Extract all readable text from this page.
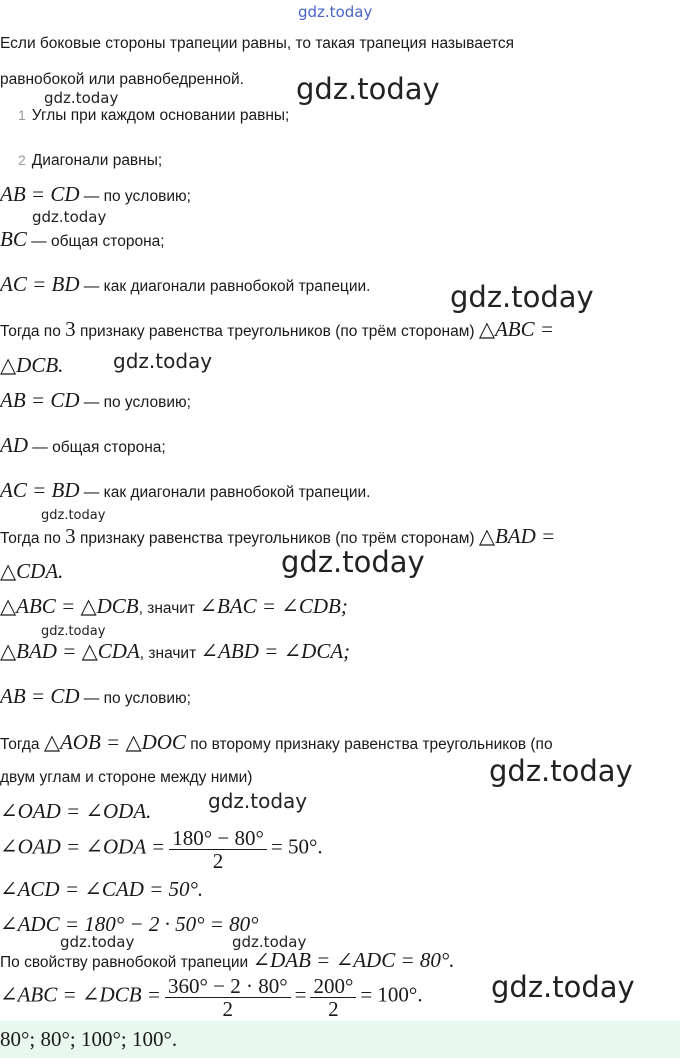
gdz.today
gdz.today
gdz.today
gdz.today
gdz.today
gdz.today
gdz.today
gdz.today
gdz.today
gdz.today
gdz.today
gdz.today	gdz.today
gdz.today
Если боковые стороны трапеции равны, то такая трапеция называется
равнобокой или равнобедренной.
1 Углы при каждом основании равны;
2 Диагонали равны;
AB = CD — по условию;
BC — общая сторона;
AC = BD — как диагонали равнобокой трапеции.
Тогда по 3 признаку равенства треугольников (по трём сторонам) △ABC =
△DCB.
AB = CD — по условию;
AD — общая сторона;
AC = BD — как диагонали равнобокой трапеции.
Тогда по 3 признаку равенства треугольников (по трём сторонам) △BAD =
△CDA.
△ABC = △DCB, значит ∠BAC = ∠CDB;
△BAD = △CDA, значит ∠ABD = ∠DCA;
AB = CD — по условию;
Тогда △AOB = △DOC по второму признаку равенства треугольников (по
двум углам и стороне между ними)
∠OAD = ∠ODA.
∠OAD = ∠ODA = $\frac{180^\circ - 80^\circ}{2} = 50^\circ$.
∠ACD = ∠CAD = 50°.
∠ADC = 180° − 2 · 50° = 80°
По свойству равнобокой трапеции ∠DAB = ∠ADC = 80°.
∠ABC = ∠DCB = $\frac{360^\circ - 2 \cdot 80^\circ}{2} = \frac{200^\circ}{2} = 100^\circ$.
80°; 80°; 100°; 100°.
